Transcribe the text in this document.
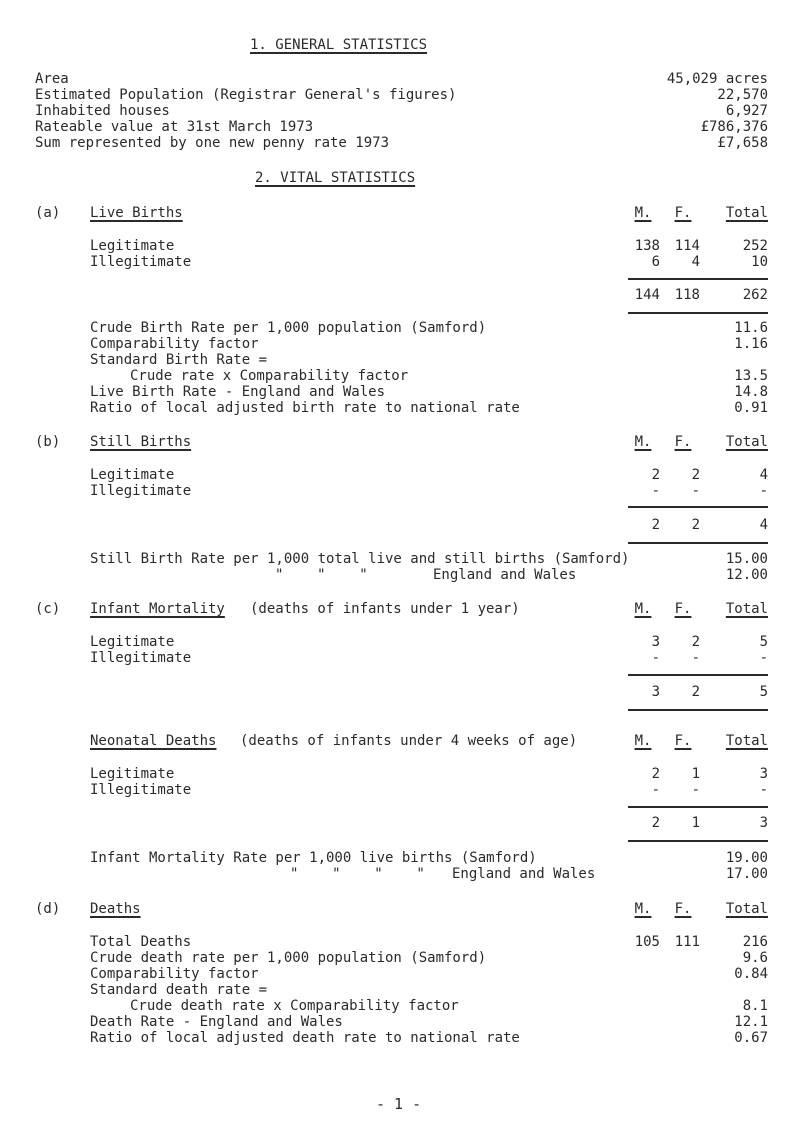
1. GENERAL STATISTICS
Area	45,029 acres
Estimated Population (Registrar General's figures)	22,570
Inhabited houses	6,927
Rateable value at 31st March 1973	£786,376
Sum represented by one new penny rate 1973	£7,658
2. VITAL STATISTICS
(a) Live Births	M.	F.	Total
Legitimate	138 114	252
Illegitimate	6 4	10
144 118	262
Crude Birth Rate per 1,000 population (Samford)	11.6
Comparability factor	1.16
Standard Birth Rate =
Crude rate x Comparability factor	13.5
Live Birth Rate - England and Wales	14.8
Ratio of local adjusted birth rate to national rate	0.91
(b) Still Births	M.	F.	Total
Legitimate	2 2	4
Illegitimate	- -	-
2 2	4
Still Birth Rate per 1,000 total live and still births (Samford)	15.00
"    "    "	England and Wales	12.00
(c) Infant Mortality (deaths of infants under 1 year)	M.	F.	Total
Legitimate	3 2	5
Illegitimate	- -	-
3 2	5
Neonatal Deaths (deaths of infants under 4 weeks of age)	M.	F.	Total
Legitimate	2 1	3
Illegitimate	- -	-
2 1	3
Infant Mortality Rate per 1,000 live births (Samford)	19.00
"    "    "    " England and Wales	17.00
(d) Deaths	M.	F.	Total
Total Deaths	105 111	216
Crude death rate per 1,000 population (Samford)	9.6
Comparability factor	0.84
Standard death rate =
Crude death rate x Comparability factor	8.1
Death Rate - England and Wales	12.1
Ratio of local adjusted death rate to national rate	0.67
- 1 -
